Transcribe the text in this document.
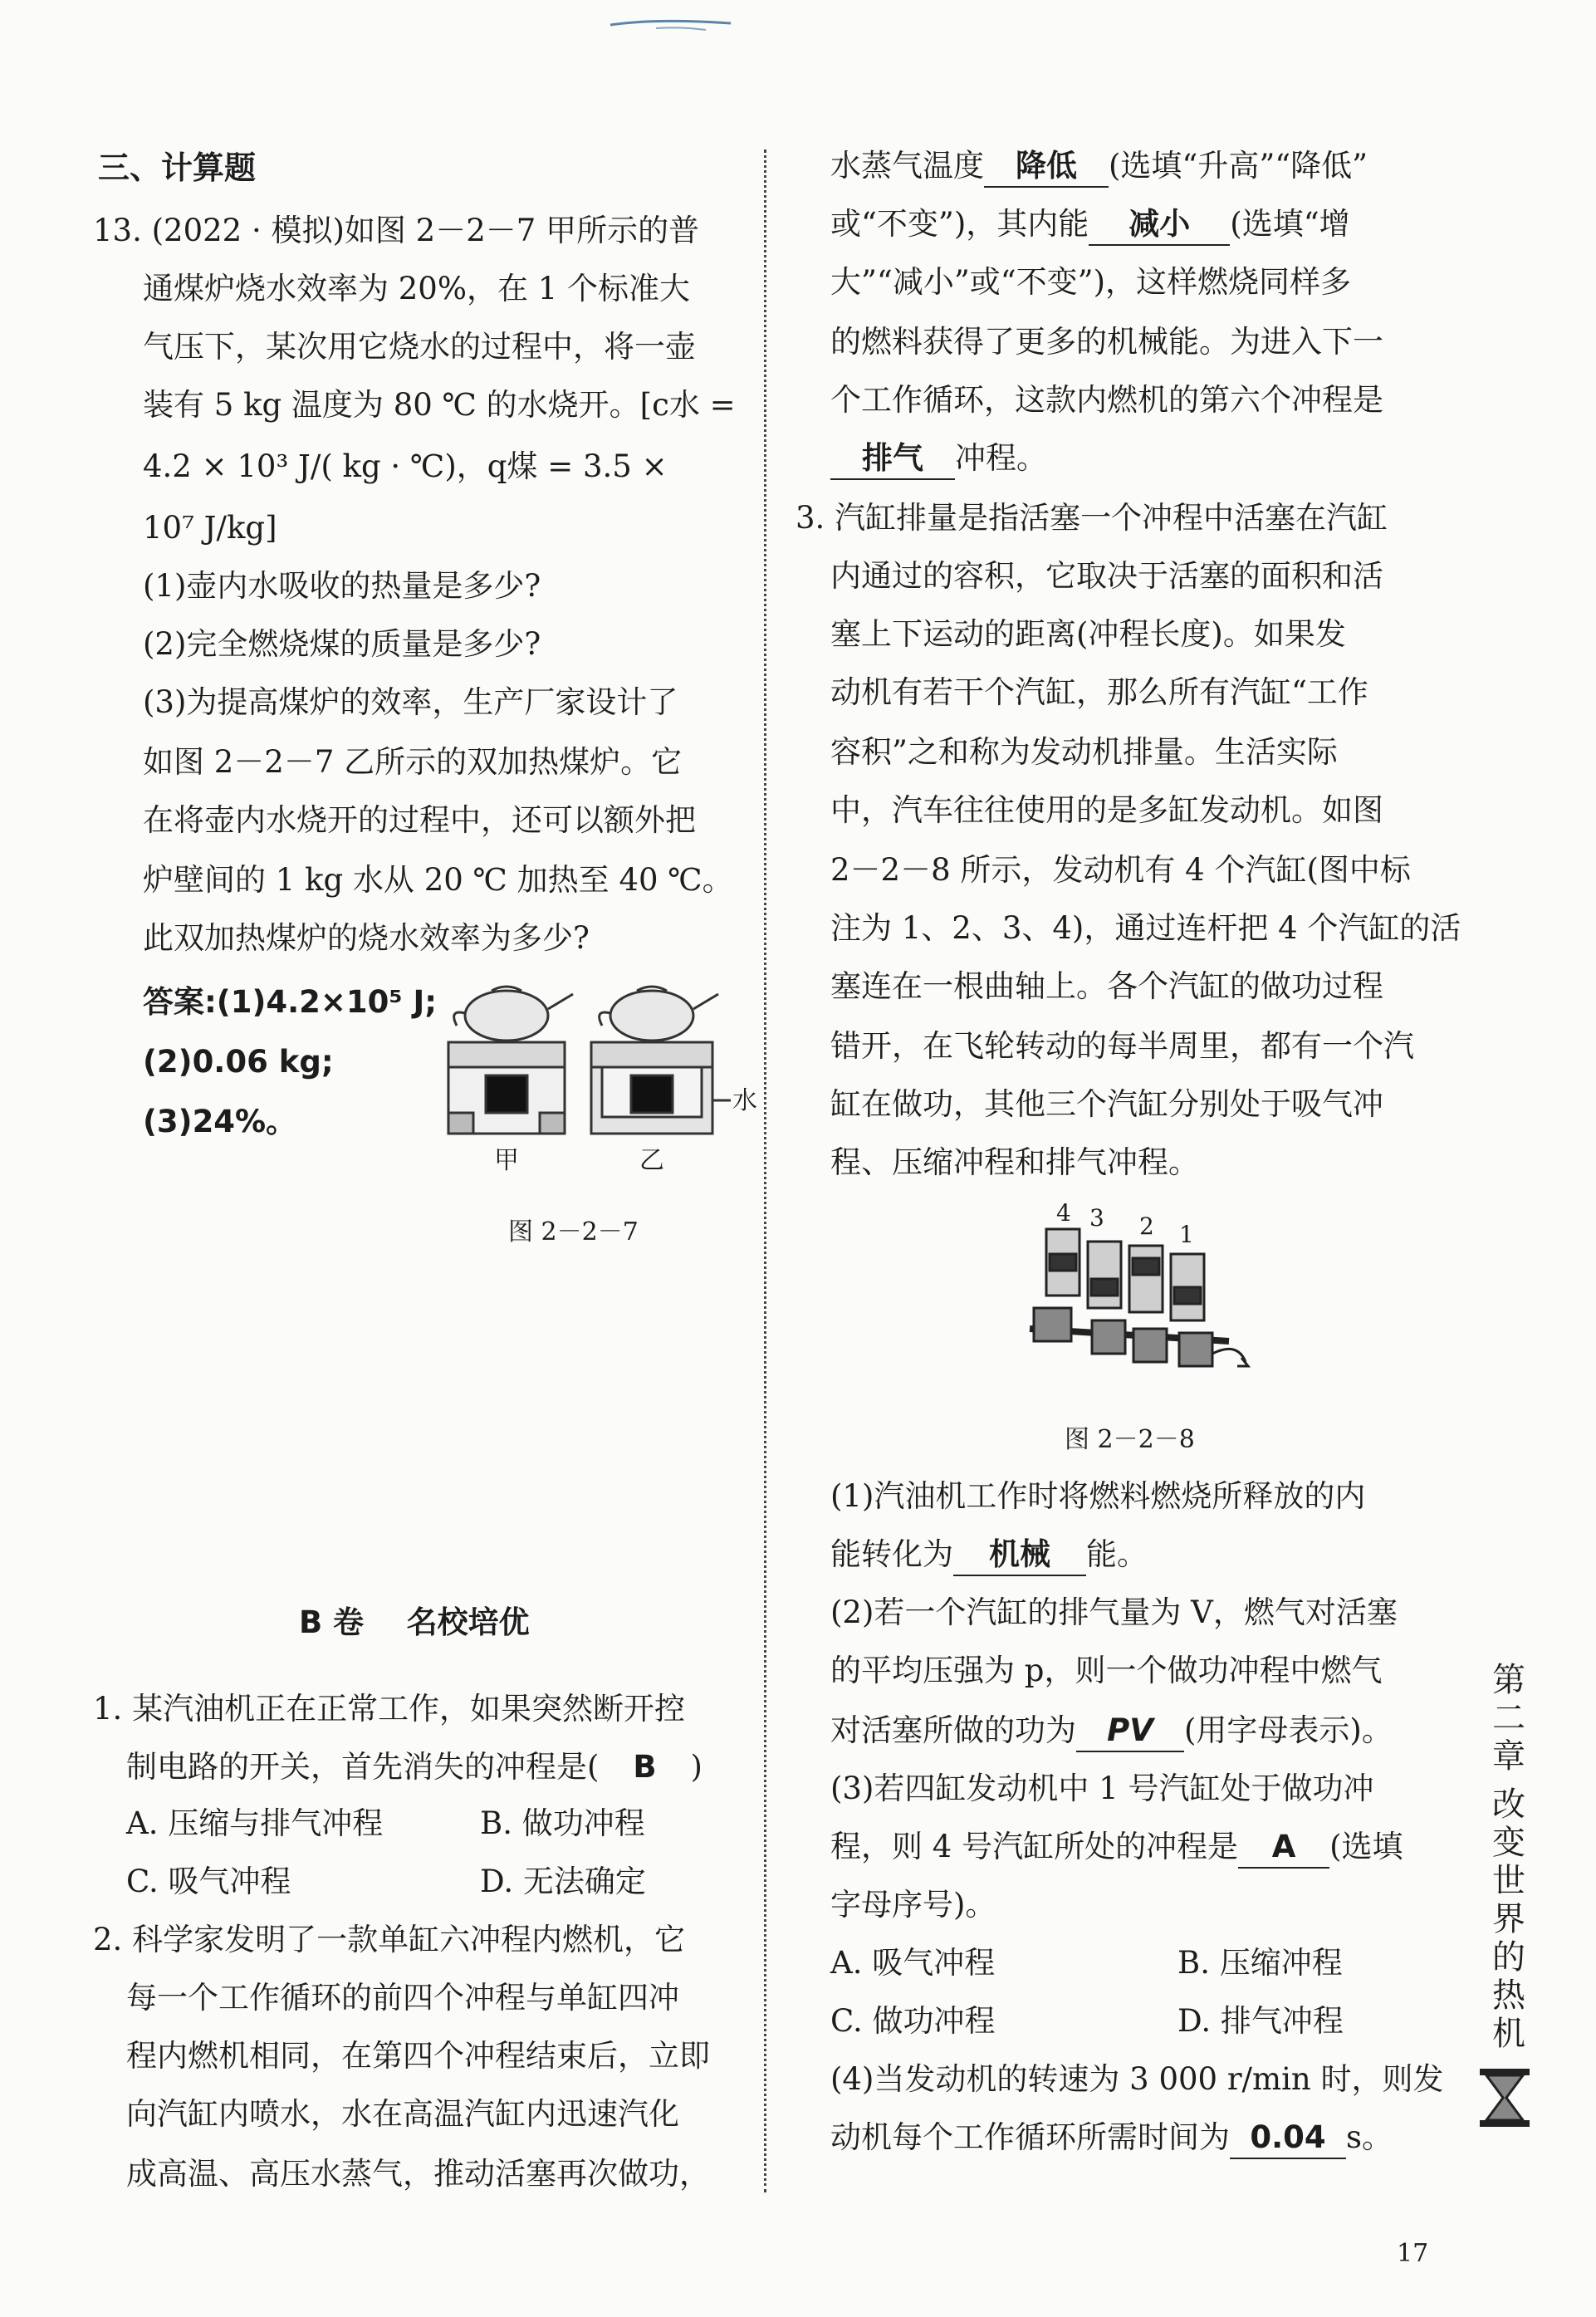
三、计算题
13. (2022 · 模拟)如图 2－2－7 甲所示的普
通煤炉烧水效率为 20%，在 1 个标准大
气压下，某次用它烧水的过程中，将一壶
装有 5 kg 温度为 80 ℃ 的水烧开。[c水 =
4.2 × 10³ J/( kg · ℃)，q煤 = 3.5 ×
10⁷ J/kg]
(1)壶内水吸收的热量是多少?
(2)完全燃烧煤的质量是多少?
(3)为提高煤炉的效率，生产厂家设计了
如图 2－2－7 乙所示的双加热煤炉。它
在将壶内水烧开的过程中，还可以额外把
炉壁间的 1 kg 水从 20 ℃ 加热至 40 ℃。
此双加热煤炉的烧水效率为多少?
答案:(1)4.2×10⁵ J;
(2)0.06 kg;
(3)24%。
水
甲	乙
图 2－2－7
B 卷    名校培优
1. 某汽油机正在正常工作，如果突然断开控
制电路的开关，首先消失的冲程是( B )
A. 压缩与排气冲程	B. 做功冲程
C. 吸气冲程	D. 无法确定
2. 科学家发明了一款单缸六冲程内燃机，它
每一个工作循环的前四个冲程与单缸四冲
程内燃机相同，在第四个冲程结束后，立即
向汽缸内喷水，水在高温汽缸内迅速汽化
成高温、高压水蒸气，推动活塞再次做功，
水蒸气温度 降低 (选填“升高”“降低”
或“不变”)，其内能 减小 (选填“增
大”“减小”或“不变”)，这样燃烧同样多
的燃料获得了更多的机械能。为进入下一
个工作循环，这款内燃机的第六个冲程是
排气 冲程。
3. 汽缸排量是指活塞一个冲程中活塞在汽缸
内通过的容积，它取决于活塞的面积和活
塞上下运动的距离(冲程长度)。如果发
动机有若干个汽缸，那么所有汽缸“工作
容积”之和称为发动机排量。生活实际
中，汽车往往使用的是多缸发动机。如图
2－2－8 所示，发动机有 4 个汽缸(图中标
注为 1、2、3、4)，通过连杆把 4 个汽缸的活
塞连在一根曲轴上。各个汽缸的做功过程
错开，在飞轮转动的每半周里，都有一个汽
缸在做功，其他三个汽缸分别处于吸气冲
程、压缩冲程和排气冲程。
4 3 2 1
图 2－2－8
(1)汽油机工作时将燃料燃烧所释放的内
能转化为 机械 能。
(2)若一个汽缸的排气量为 V，燃气对活塞
的平均压强为 p，则一个做功冲程中燃气
对活塞所做的功为 PV (用字母表示)。
(3)若四缸发动机中 1 号汽缸处于做功冲
程，则 4 号汽缸所处的冲程是 A (选填
字母序号)。
A. 吸气冲程	B. 压缩冲程
C. 做功冲程	D. 排气冲程
(4)当发动机的转速为 3 000 r/min 时，则发
动机每个工作循环所需时间为 0.04 s。
第二章
改变世界的热机
17
